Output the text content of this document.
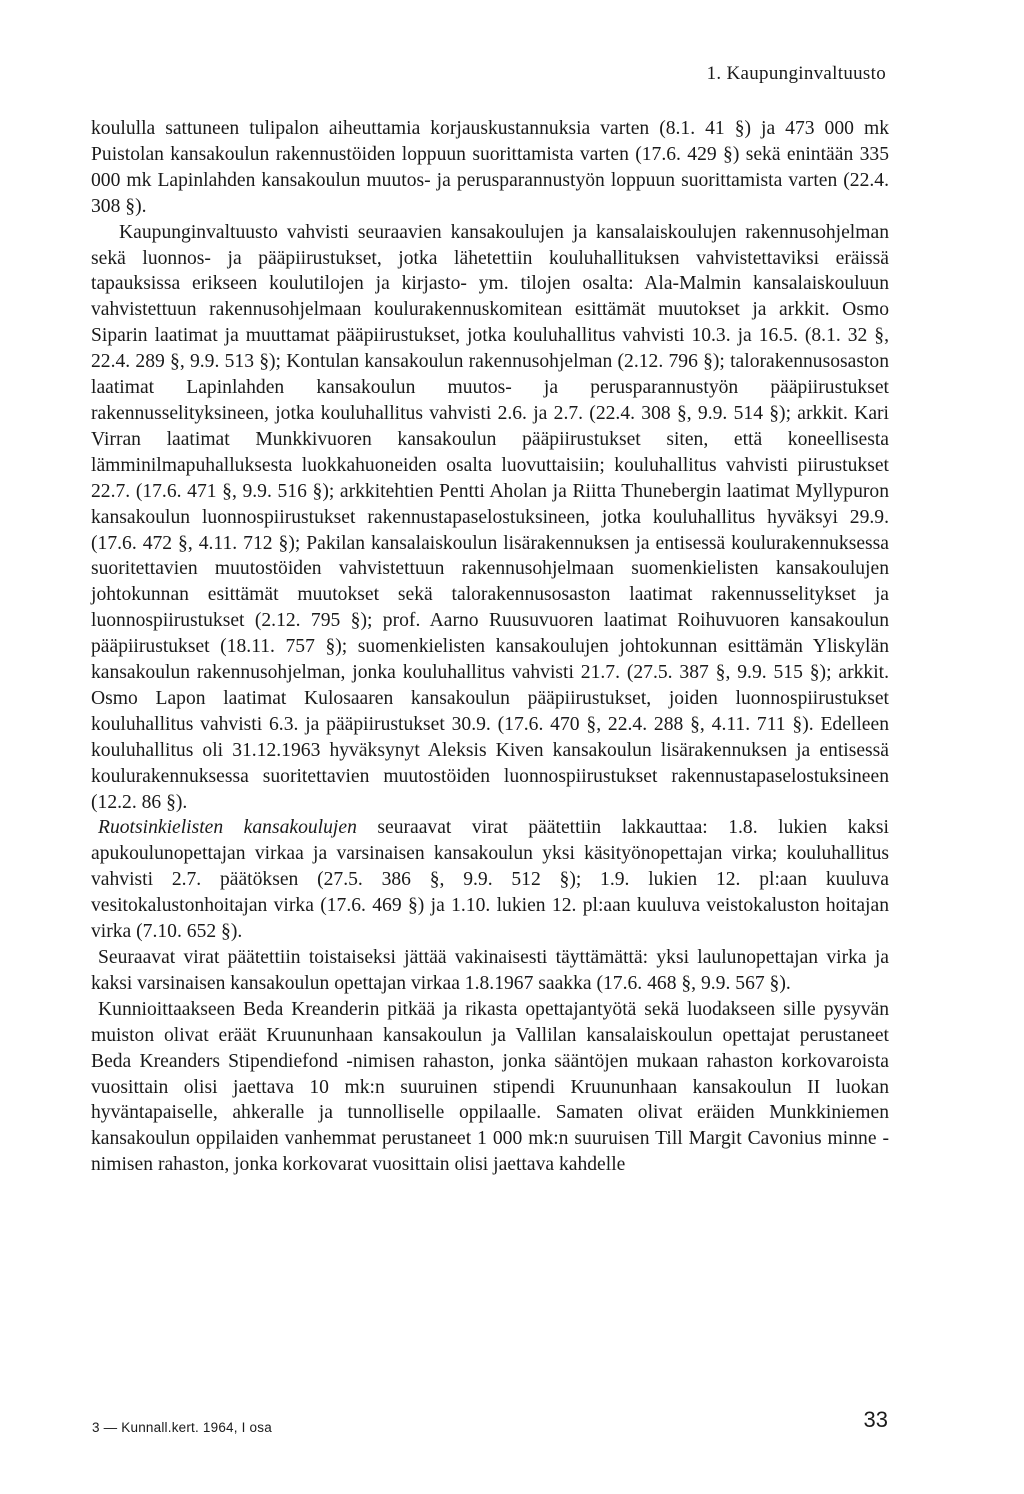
1. Kaupunginvaltuusto

koululla sattuneen tulipalon aiheuttamia korjauskustannuksia varten (8.1. 41 §) ja 473 000 mk Puistolan kansakoulun rakennustöiden loppuun suorittamista varten (17.6. 429 §) sekä enintään 335 000 mk Lapinlahden kansakoulun muutos- ja perusparannustyön loppuun suorittamista varten (22.4. 308 §).

Kaupunginvaltuusto vahvisti seuraavien kansakoulujen ja kansalaiskoulujen rakennusohjelman sekä luonnos- ja pääpiirustukset, jotka lähetettiin kouluhallituksen vahvistettaviksi eräissä tapauksissa erikseen koulutilojen ja kirjasto- ym. tilojen osalta: Ala-Malmin kansalaiskouluun vahvistettuun rakennusohjelmaan koulurakennuskomitean esittämät muutokset ja arkkit. Osmo Siparin laatimat ja muuttamat pääpiirustukset, jotka kouluhallitus vahvisti 10.3. ja 16.5. (8.1. 32 §, 22.4. 289 §, 9.9. 513 §); Kontulan kansakoulun rakennusohjelman (2.12. 796 §); talorakennusosaston laatimat Lapinlahden kansakoulun muutos- ja perusparannustyön pääpiirustukset rakennusselityksineen, jotka kouluhallitus vahvisti 2.6. ja 2.7. (22.4. 308 §, 9.9. 514 §); arkkit. Kari Virran laatimat Munkkivuoren kansakoulun pääpiirustukset siten, että koneellisesta lämminilmapuhalluksesta luokkahuoneiden osalta luovuttaisiin; kouluhallitus vahvisti piirustukset 22.7. (17.6. 471 §, 9.9. 516 §); arkkitehtien Pentti Aholan ja Riitta Thunebergin laatimat Myllypuron kansakoulun luonnospiirustukset rakennustapaselostuksineen, jotka kouluhallitus hyväksyi 29.9. (17.6. 472 §, 4.11. 712 §); Pakilan kansalaiskoulun lisärakennuksen ja entisessä koulurakennuksessa suoritettavien muutostöiden vahvistettuun rakennusohjelmaan suomenkielisten kansakoulujen johtokunnan esittämät muutokset sekä talorakennusosaston laatimat rakennusselitykset ja luonnospiirustukset (2.12. 795 §); prof. Aarno Ruusuvuoren laatimat Roihuvuoren kansakoulun pääpiirustukset (18.11. 757 §); suomenkielisten kansakoulujen johtokunnan esittämän Yliskylän kansakoulun rakennusohjelman, jonka kouluhallitus vahvisti 21.7. (27.5. 387 §, 9.9. 515 §); arkkit. Osmo Lapon laatimat Kulosaaren kansakoulun pääpiirustukset, joiden luonnospiirustukset kouluhallitus vahvisti 6.3. ja pääpiirustukset 30.9. (17.6. 470 §, 22.4. 288 §, 4.11. 711 §). Edelleen kouluhallitus oli 31.12.1963 hyväksynyt Aleksis Kiven kansakoulun lisärakennuksen ja entisessä koulurakennuksessa suoritettavien muutostöiden luonnospiirustukset rakennustapaselostuksineen (12.2. 86 §).

Ruotsinkielisten kansakoulujen seuraavat virat päätettiin lakkauttaa: 1.8. lukien kaksi apukoulunopettajan virkaa ja varsinaisen kansakoulun yksi käsityönopettajan virka; kouluhallitus vahvisti 2.7. päätöksen (27.5. 386 §, 9.9. 512 §); 1.9. lukien 12. pl:aan kuuluva vesitokalustonhoitajan virka (17.6. 469 §) ja 1.10. lukien 12. pl:aan kuuluva veistokaluston hoitajan virka (7.10. 652 §).

Seuraavat virat päätettiin toistaiseksi jättää vakinaisesti täyttämättä: yksi laulunopettajan virka ja kaksi varsinaisen kansakoulun opettajan virkaa 1.8.1967 saakka (17.6. 468 §, 9.9. 567 §).

Kunnioittaakseen Beda Kreanderin pitkää ja rikasta opettajantyötä sekä luodakseen sille pysyvän muiston olivat eräät Kruununhaan kansakoulun ja Vallilan kansalaiskoulun opettajat perustaneet Beda Kreanders Stipendiefond -nimisen rahaston, jonka sääntöjen mukaan rahaston korkovaroista vuosittain olisi jaettava 10 mk:n suuruinen stipendi Kruununhaan kansakoulun II luokan hyväntapaiselle, ahkeralle ja tunnolliselle oppilaalle. Samaten olivat eräiden Munkkiniemen kansakoulun oppilaiden vanhemmat perustaneet 1 000 mk:n suuruisen Till Margit Cavonius minne -nimisen rahaston, jonka korkovarat vuosittain olisi jaettava kahdelle

3 — Kunnall.kert. 1964, I osa	33
